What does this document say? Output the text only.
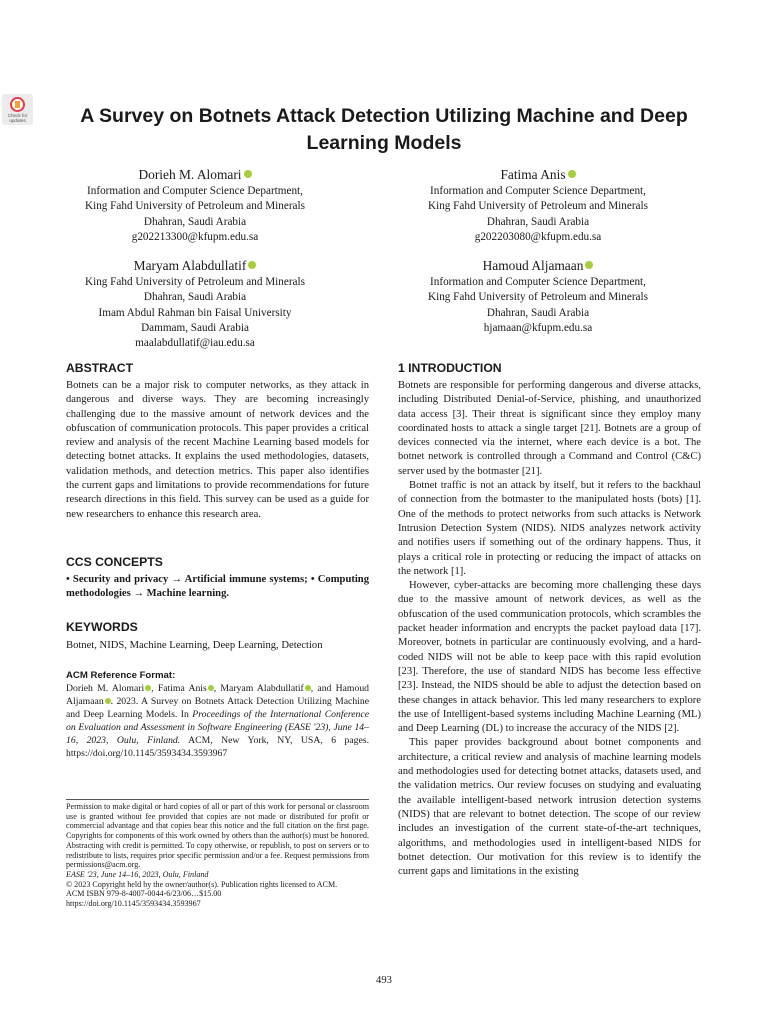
Check for
updates	A Survey on Botnets Attack Detection Utilizing Machine and Deep Learning Models
Dorieh M. Alomari
Information and Computer Science Department,
King Fahd University of Petroleum and Minerals
Dhahran, Saudi Arabia
g202213300@kfupm.edu.sa
Fatima Anis
Information and Computer Science Department,
King Fahd University of Petroleum and Minerals
Dhahran, Saudi Arabia
g202203080@kfupm.edu.sa
Maryam Alabdullatif
King Fahd University of Petroleum and Minerals
Dhahran, Saudi Arabia
Imam Abdul Rahman bin Faisal University
Dammam, Saudi Arabia
maalabdullatif@iau.edu.sa
Hamoud Aljamaan
Information and Computer Science Department,
King Fahd University of Petroleum and Minerals
Dhahran, Saudi Arabia
hjamaan@kfupm.edu.sa
ABSTRACT

Botnets can be a major risk to computer networks, as they attack in dangerous and diverse ways. They are becoming increasingly challenging due to the massive amount of network devices and the obfuscation of communication protocols. This paper provides a critical review and analysis of the recent Machine Learning based models for detecting botnet attacks. It explains the used methodologies, datasets, validation methods, and detection metrics. This paper also identifies the current gaps and limitations to provide recommendations for future research directions in this field. This survey can be used as a guide for new researchers to enhance this research area.

CCS CONCEPTS

• Security and privacy → Artificial immune systems; • Computing methodologies → Machine learning.

KEYWORDS

Botnet, NIDS, Machine Learning, Deep Learning, Detection

ACM Reference Format:

Dorieh M. Alomari , Fatima Anis , Maryam Alabdullatif , and Hamoud Aljamaan . 2023. A Survey on Botnets Attack Detection Utilizing Machine and Deep Learning Models. In Proceedings of the International Conference on Evaluation and Assessment in Software Engineering (EASE '23), June 14–16, 2023, Oulu, Finland. ACM, New York, NY, USA, 6 pages. https://doi.org/10.1145/3593434.3593967

Permission to make digital or hard copies of all or part of this work for personal or classroom use is granted without fee provided that copies are not made or distributed for profit or commercial advantage and that copies bear this notice and the full citation on the first page. Copyrights for components of this work owned by others than the author(s) must be honored. Abstracting with credit is permitted. To copy otherwise, or republish, to post on servers or to redistribute to lists, requires prior specific permission and/or a fee. Request permissions from permissions@acm.org.
EASE '23, June 14–16, 2023, Oulu, Finland
© 2023 Copyright held by the owner/author(s). Publication rights licensed to ACM.
ACM ISBN 979-8-4007-0044-6/23/06…$15.00
https://doi.org/10.1145/3593434.3593967
1 INTRODUCTION

Botnets are responsible for performing dangerous and diverse attacks, including Distributed Denial-of-Service, phishing, and unauthorized data access [3]. Their threat is significant since they employ many coordinated hosts to attack a single target [21]. Botnets are a group of devices connected via the internet, where each device is a bot. The botnet network is controlled through a Command and Control (C&C) server used by the botmaster [21].

Botnet traffic is not an attack by itself, but it refers to the backhaul of connection from the botmaster to the manipulated hosts (bots) [1]. One of the methods to protect networks from such attacks is Network Intrusion Detection System (NIDS). NIDS analyzes network activity and notifies users if something out of the ordinary happens. Thus, it plays a critical role in protecting or reducing the impact of attacks on the network [1].

However, cyber-attacks are becoming more challenging these days due to the massive amount of network devices, as well as the obfuscation of the used communication protocols, which scrambles the packet header information and encrypts the packet payload data [17]. Moreover, botnets in particular are continuously evolving, and a hard-coded NIDS will not be able to keep pace with this rapid evolution [23]. Therefore, the use of standard NIDS has become less effective [23]. Instead, the NIDS should be able to adjust the detection based on these changes in attack behavior. This led many researchers to explore the use of Intelligent-based systems including Machine Learning (ML) and Deep Learning (DL) to increase the accuracy of the NIDS [2].

This paper provides background about botnet components and architecture, a critical review and analysis of machine learning models and methodologies used for detecting botnet attacks, datasets used, and the validation metrics. Our review focuses on studying and evaluating the available intelligent-based network intrusion detection systems (NIDS) that are relevant to botnet detection. The scope of our review includes an investigation of the current state-of-the-art techniques, algorithms, and methodologies used in intelligent-based NIDS for botnet detection. Our motivation for this review is to identify the current gaps and limitations in the existing

493
